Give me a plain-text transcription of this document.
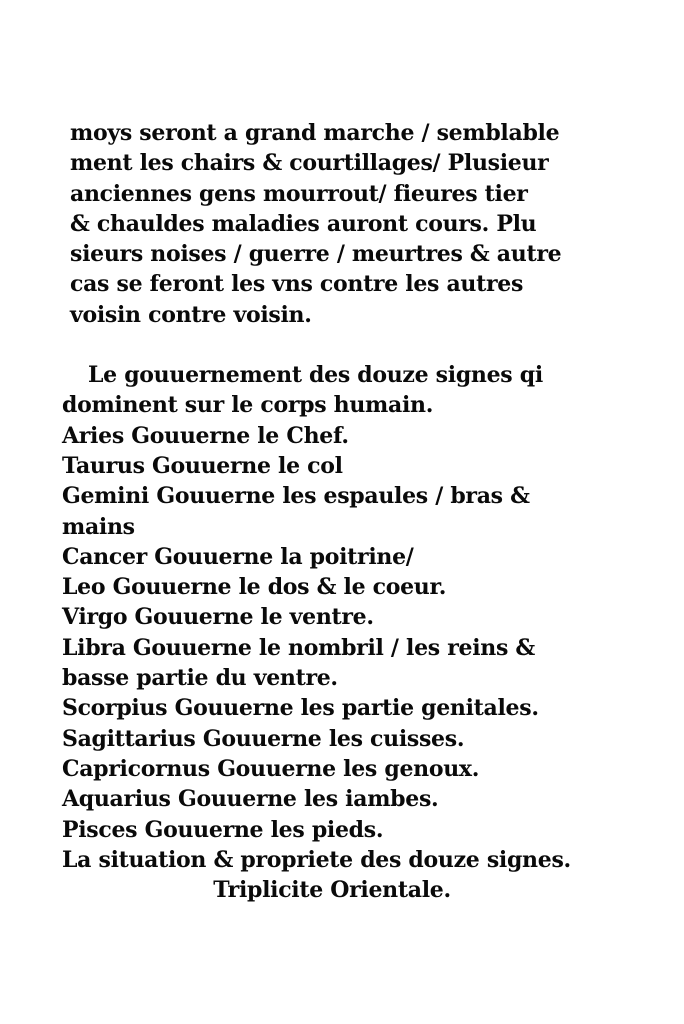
moys seront a grand marche / semblable
ment les chairs & courtillages/ Plusieur
anciennes gens mourrout/ fieures tier
& chauldes maladies auront cours. Plu
sieurs noises / guerre / meurtres & autre
cas se feront les vns contre les autres
voisin contre voisin.
Le gouuernement des douze signes qi
dominent sur le corps humain.
Aries Gouuerne le Chef.
Taurus Gouuerne le col
Gemini Gouuerne les espaules / bras &
mains
Cancer Gouuerne la poitrine/
Leo Gouuerne le dos & le coeur.
Virgo Gouuerne le ventre.
Libra Gouuerne le nombril / les reins &
basse partie du ventre.
Scorpius Gouuerne les partie genitales.
Sagittarius Gouuerne les cuisses.
Capricornus Gouuerne les genoux.
Aquarius Gouuerne les iambes.
Pisces Gouuerne les pieds.
La situation & propriete des douze signes.
Triplicite Orientale.
